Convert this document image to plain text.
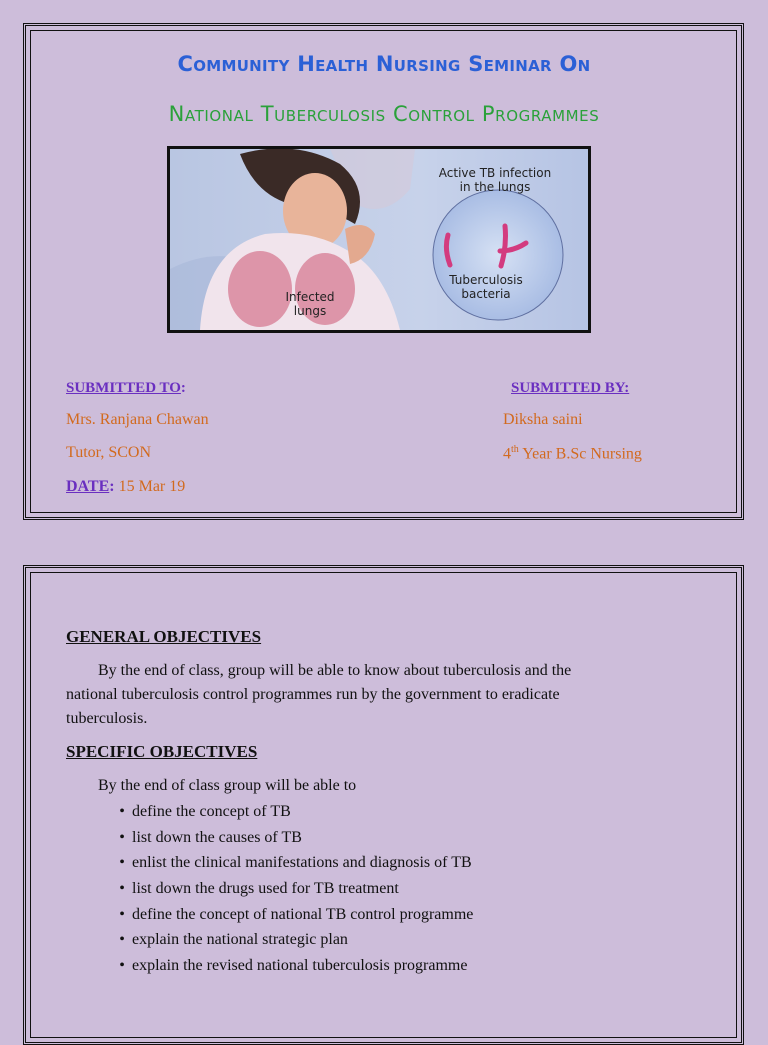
Community Health Nursing Seminar On
National Tuberculosis Control Programmes
Active TB infection
in the lungs
Tuberculosis
bacteria
Infected
lungs
SUBMITTED TO:	SUBMITTED BY:
Mrs. Ranjana Chawan	Diksha saini
Tutor, SCON	4th Year B.Sc Nursing
DATE: 15 Mar 19
GENERAL OBJECTIVES
By the end of class, group will be able to know about tuberculosis and the
national tuberculosis control programmes run by the government to eradicate
tuberculosis.
SPECIFIC OBJECTIVES
By the end of class group will be able to
• define the concept of TB
• list down the causes of TB
• enlist the clinical manifestations and diagnosis of TB
• list down the drugs used for TB treatment
• define the concept of national TB control programme
• explain the national strategic plan
• explain the revised national tuberculosis programme
